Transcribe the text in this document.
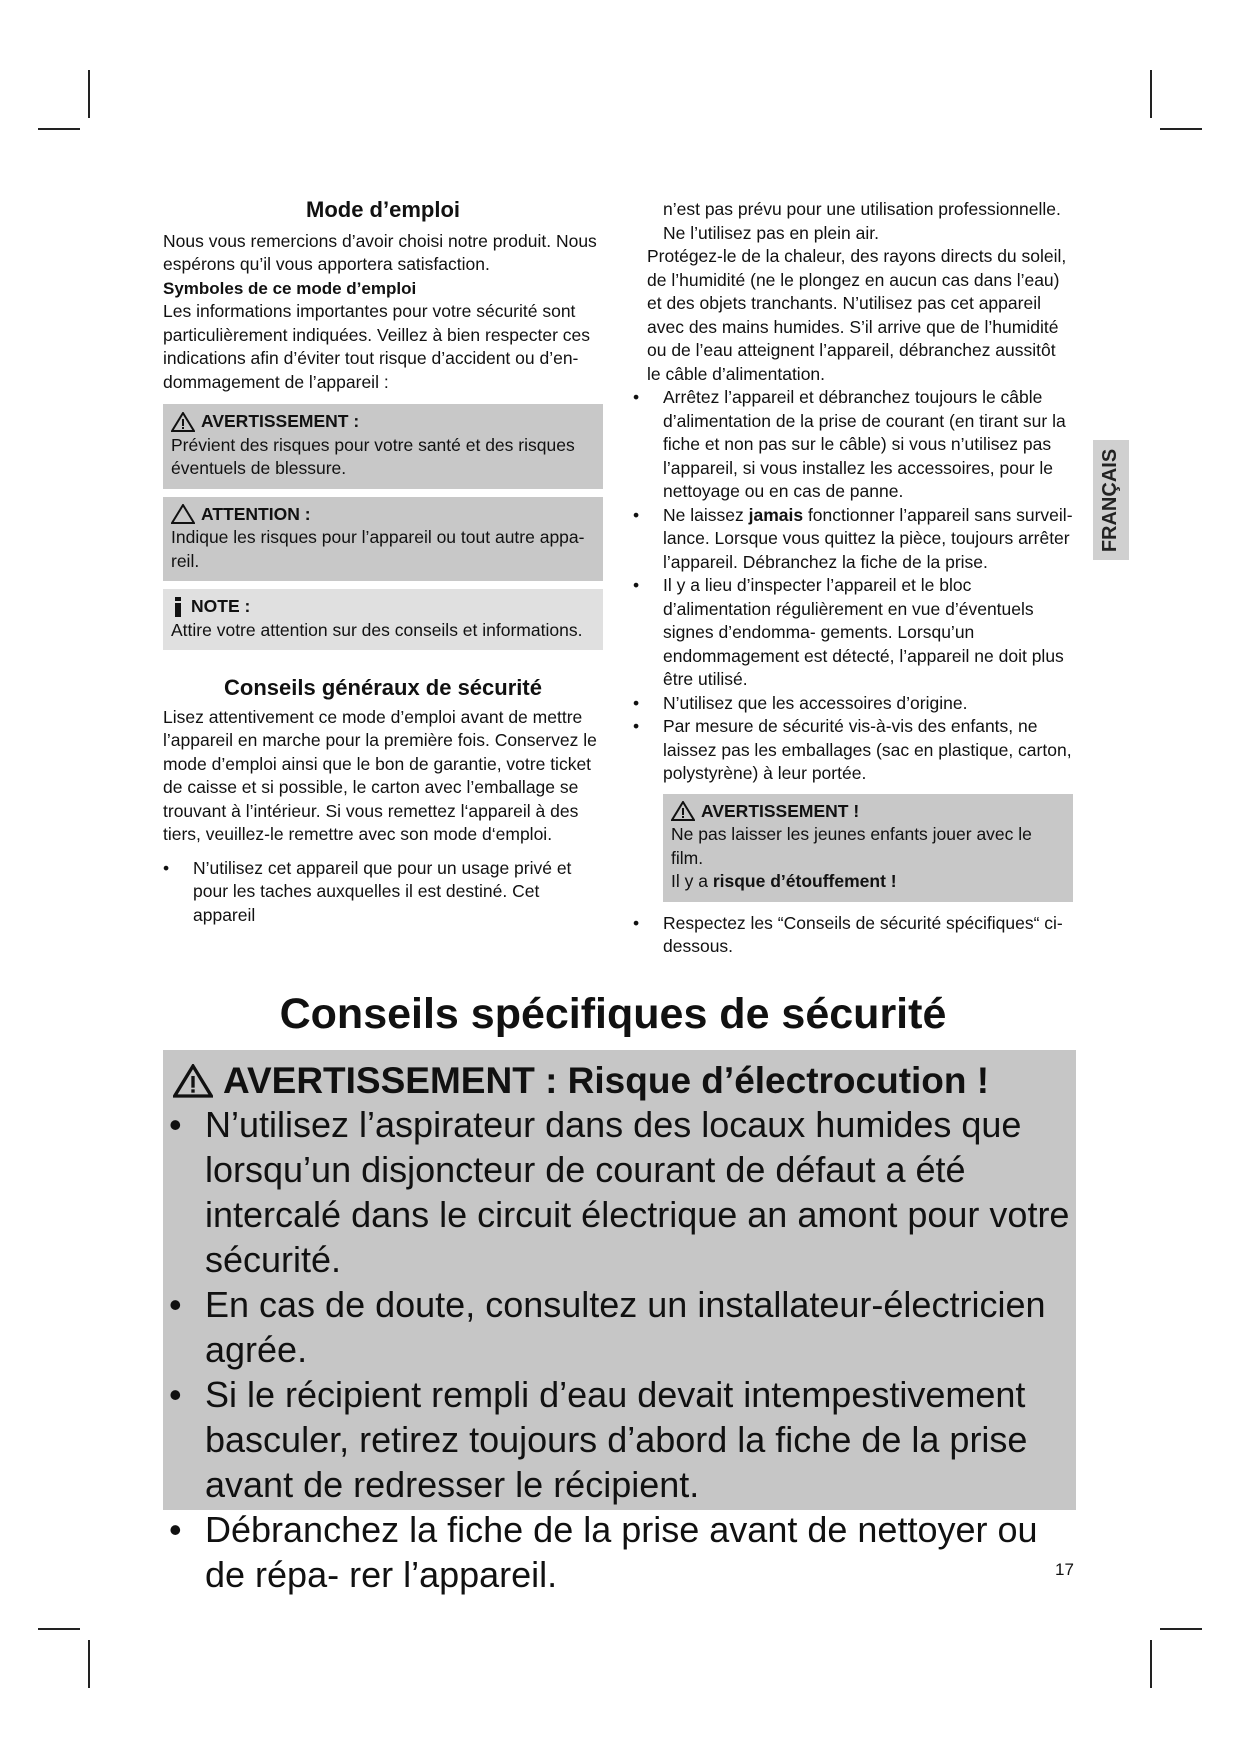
Mode d’emploi

Nous vous remercions d’avoir choisi notre produit. Nous espérons qu’il vous apportera satisfaction.

Symboles de ce mode d’emploi

Les informations importantes pour votre sécurité sont particulièrement indiquées. Veillez à bien respecter ces indications afin d’éviter tout risque d’accident ou d’en- dommagement de l’appareil :

AVERTISSEMENT :

Prévient des risques pour votre santé et des risques éventuels de blessure.

ATTENTION :

Indique les risques pour l’appareil ou tout autre appa- reil.

NOTE :

Attire votre attention sur des conseils et informations.

Conseils généraux de sécurité

Lisez attentivement ce mode d’emploi avant de mettre l’appareil en marche pour la première fois. Conservez le mode d’emploi ainsi que le bon de garantie, votre ticket de caisse et si possible, le carton avec l’emballage se trouvant à l’intérieur. Si vous remettez l‘appareil à des tiers, veuillez-le remettre avec son mode d‘emploi.

• N’utilisez cet appareil que pour un usage privé et pour les taches auxquelles il est destiné. Cet appareil

n’est pas prévu pour une utilisation professionnelle.

Ne l’utilisez pas en plein air.

Protégez-le de la chaleur, des rayons directs du soleil, de l’humidité (ne le plongez en aucun cas dans l’eau) et des objets tranchants. N’utilisez pas cet appareil avec des mains humides. S’il arrive que de l’humidité ou de l’eau atteignent l’appareil, débranchez aussitôt le câble d’alimentation.

• Arrêtez l’appareil et débranchez toujours le câble d’alimentation de la prise de courant (en tirant sur la fiche et non pas sur le câble) si vous n’utilisez pas l’appareil, si vous installez les accessoires, pour le nettoyage ou en cas de panne.

• Ne laissez jamais fonctionner l’appareil sans surveil- lance. Lorsque vous quittez la pièce, toujours arrêter l’appareil. Débranchez la fiche de la prise.

• Il y a lieu d’inspecter l’appareil et le bloc d’alimentation régulièrement en vue d’éventuels signes d’endomma- gements. Lorsqu’un endommagement est détecté, l’appareil ne doit plus être utilisé.

• N’utilisez que les accessoires d’origine.

• Par mesure de sécurité vis-à-vis des enfants, ne laissez pas les emballages (sac en plastique, carton, polystyrène) à leur portée.

AVERTISSEMENT !

Ne pas laisser les jeunes enfants jouer avec le film.

Il y a risque d’étouffement !

• Respectez les “Conseils de sécurité spécifiques“ ci- dessous.

FRANÇAIS

Conseils spécifiques de sécurité

AVERTISSEMENT : Risque d’électrocution !

• N’utilisez l’aspirateur dans des locaux humides que lorsqu’un disjoncteur de courant de défaut a été intercalé dans le circuit électrique an amont pour votre sécurité.

• En cas de doute, consultez un installateur-électricien agrée.

• Si le récipient rempli d’eau devait intempestivement basculer, retirez toujours d’abord la fiche de la prise avant de redresser le récipient.

• Débranchez la fiche de la prise avant de nettoyer ou de répa- rer l’appareil.	17
